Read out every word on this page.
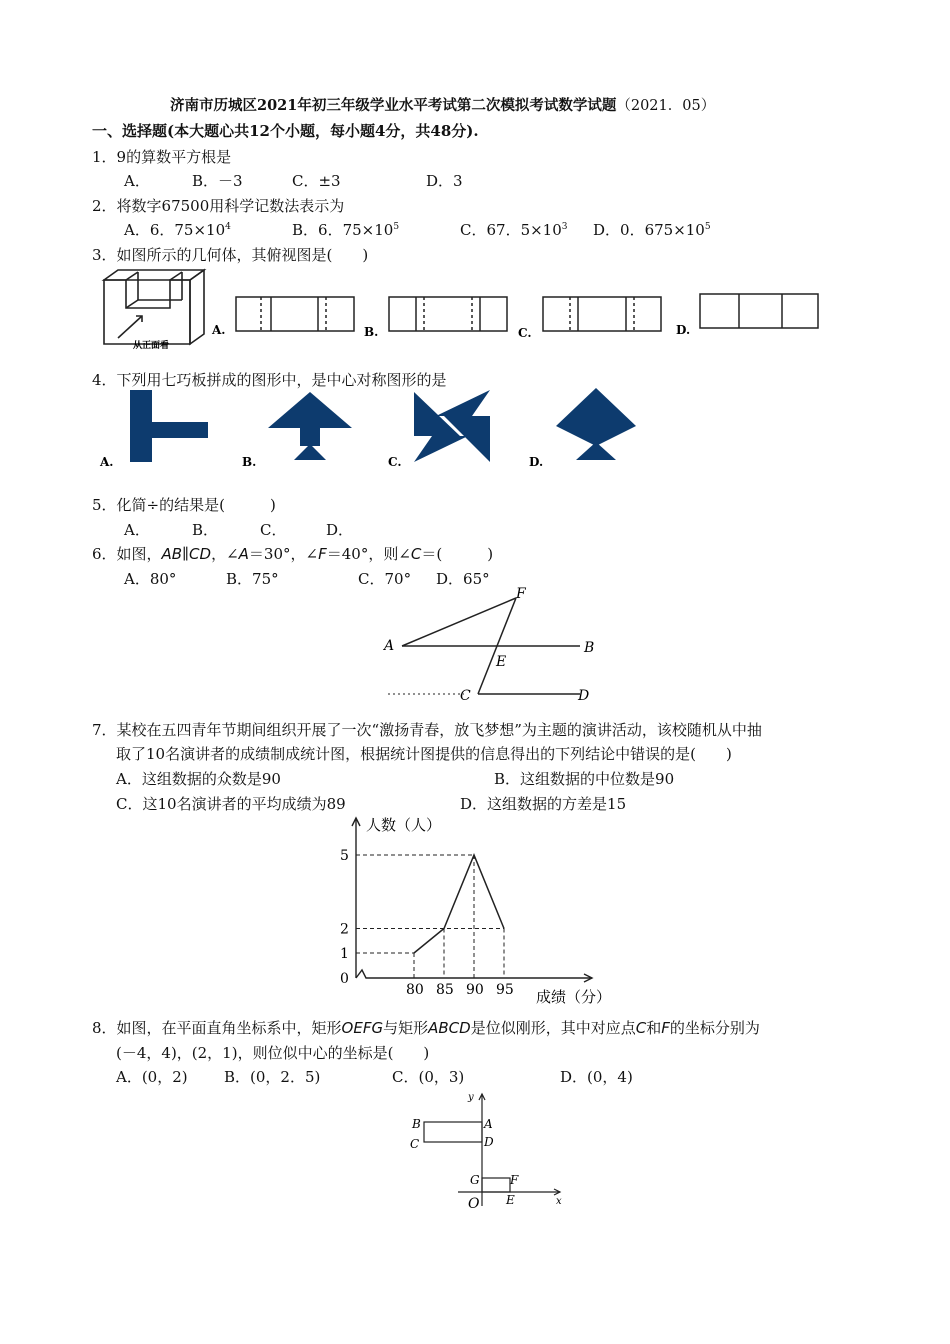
济南市历城区2021年初三年级学业水平考试第二次模拟考试数学试题（2021．05）
一、选择题(本大题心共12个小题，每小题4分，共48分).
1．9的算数平方根是
A．	B．－3	C．±3	D．3
2．将数字67500用科学记数法表示为
A．6．$75\times 10^4$	B．6．$75\times 10^5$	C．67．$5\times 10^3$ D．0．$675\times 10^5$
3．如图所示的几何体，其俯视图是(　　)
从正面看
A.	B.	C.	D.
4．下列用七巧板拼成的图形中，是中心对称图形的是
A.	B.	C.	D.
5．化简÷的结果是(　　　)
A．	B．	C．	D．
6．如图，AB∥CD，∠A＝30°，∠F＝40°，则∠C＝(　　　)
A．80°	B．75°	C．70° D．65°
A	B
C	D
E
F
7．某校在五四青年节期间组织开展了一次“激扬青春，放飞梦想”为主题的演讲活动，该校随机从中抽
取了10名演讲者的成绩制成统计图，根据统计图提供的信息得出的下列结论中错误的是(　　)
A．这组数据的众数是90	B．这组数据的中位数是90
C．这10名演讲者的平均成绩为89	D．这组数据的方差是15
0
1
2
5
80 85 90 95
人数（人）
成绩（分）
8．如图，在平面直角坐标系中，矩形OEFG与矩形ABCD是位似刚形，其中对应点C和F的坐标分别为
(－4，4)，(2，1)，则位似中心的坐标是(　　)
A．(0，2) B．(0，2．5)	C．(0，3)	D．(0，4)
B
C
A
D
G	F
O E	x
y
